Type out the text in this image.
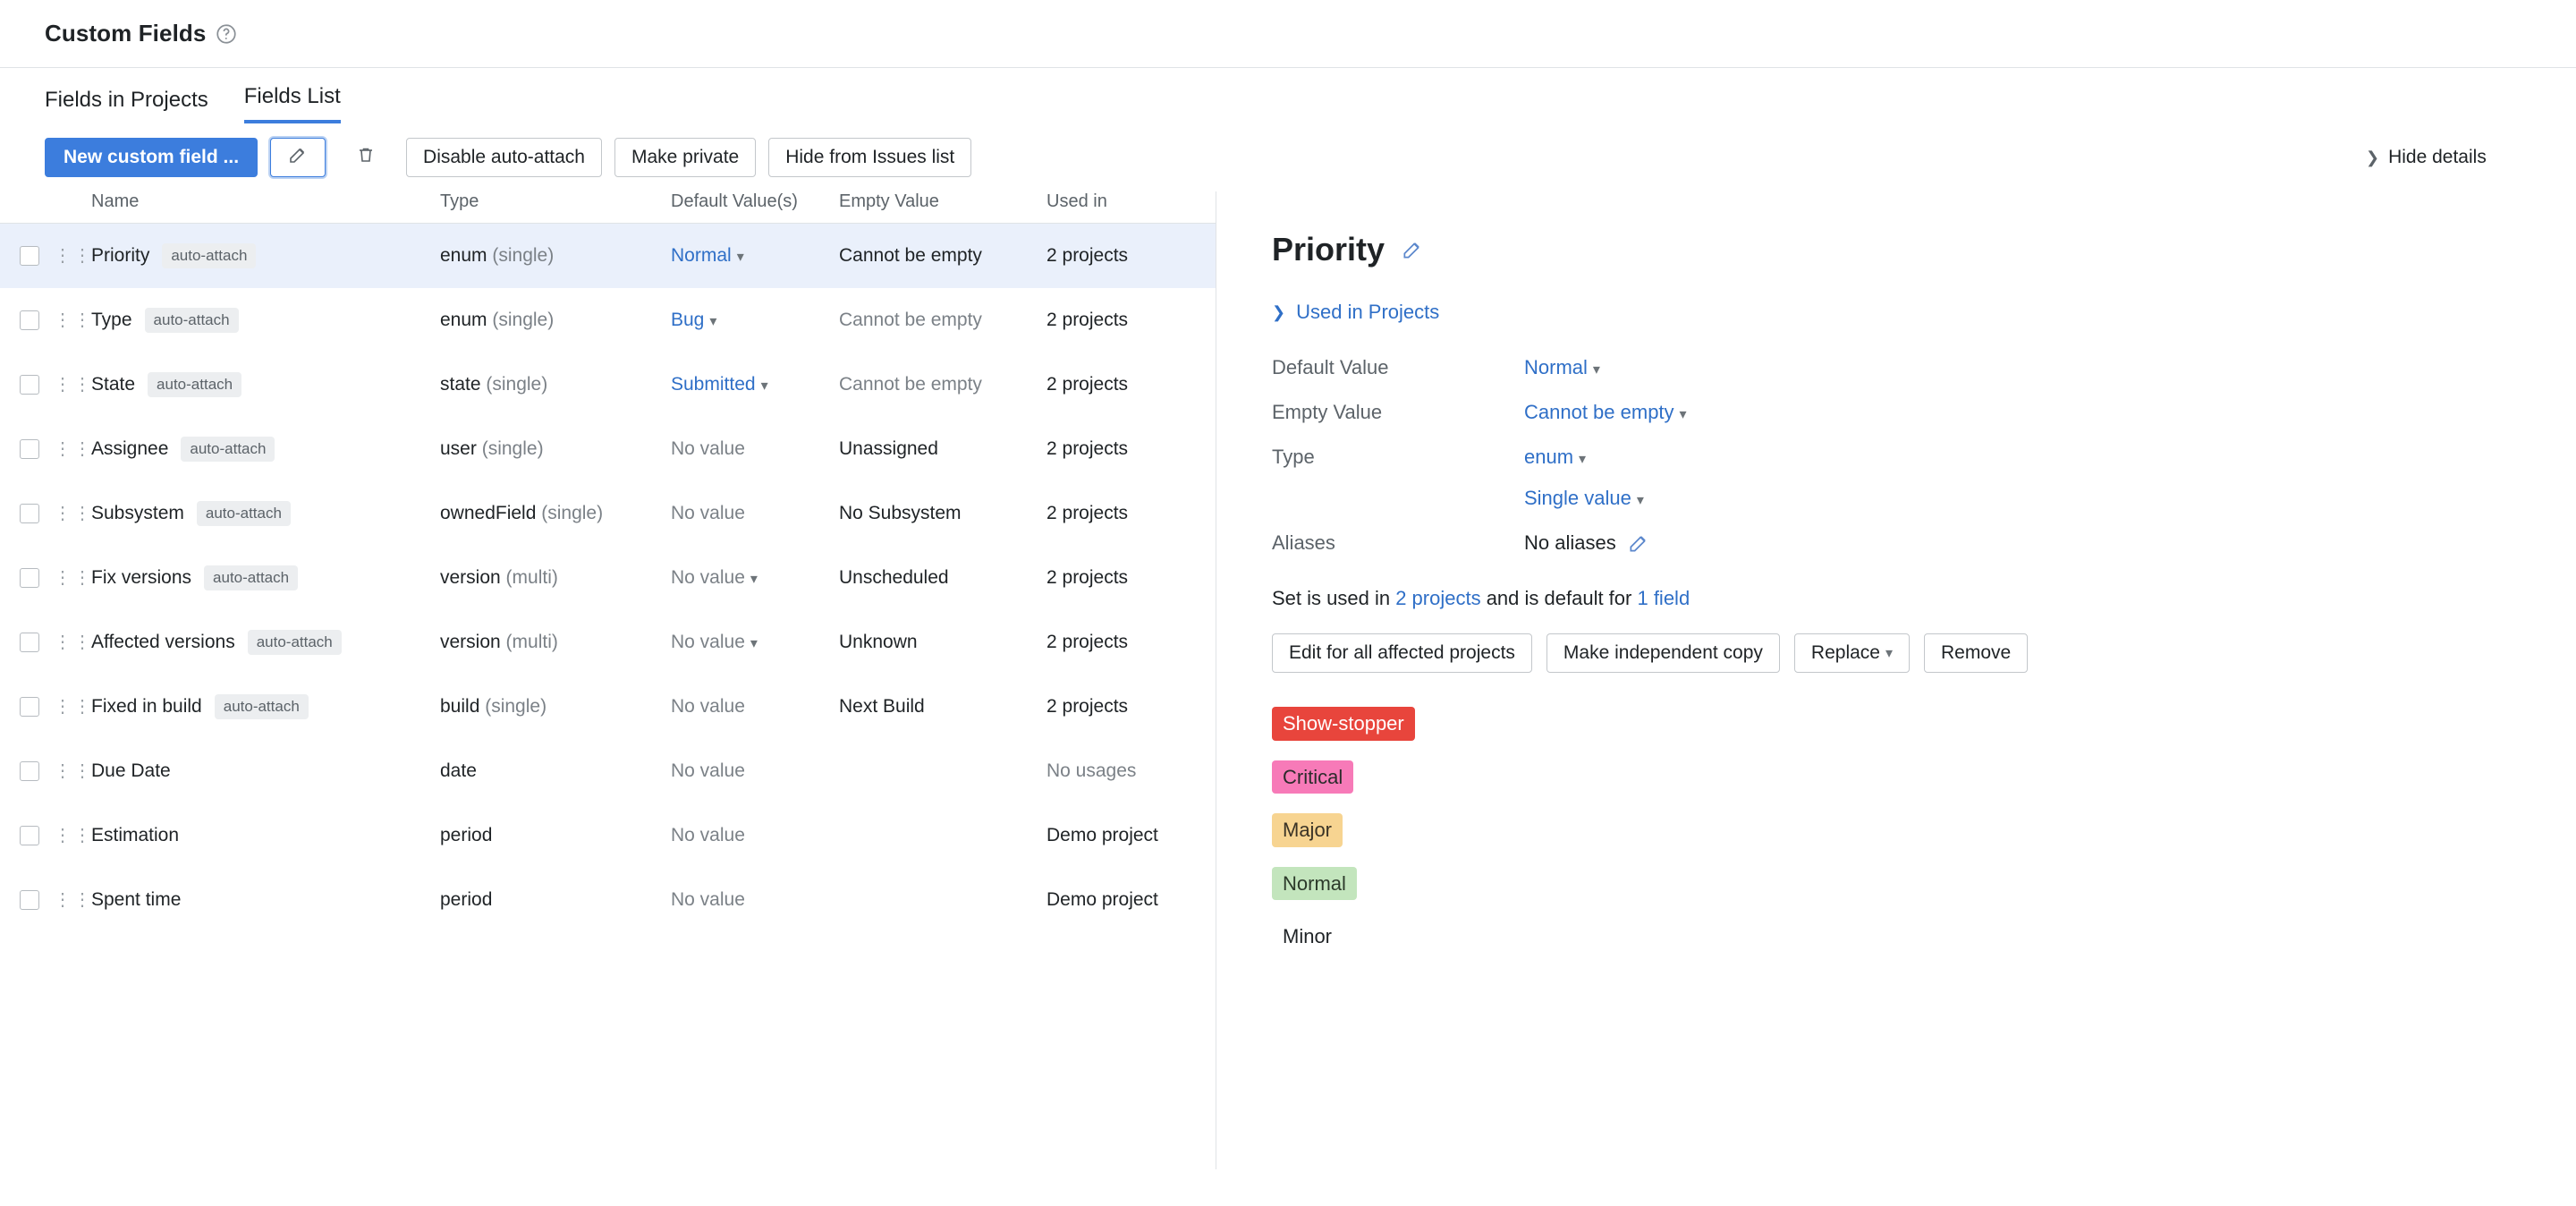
Custom Fields
Fields in Projects Fields List
New custom field ...	Disable auto-attach	Make private	Hide from Issues list	❯ Hide details
		Name	Type	Default Value(s)	Empty Value	Used in

	⋮⋮	Priority auto-attach	enum (single)	Normal ▾	Cannot be empty	2 projects

	⋮⋮	Type auto-attach	enum (single)	Bug ▾	Cannot be empty	2 projects

	⋮⋮	State auto-attach	state (single)	Submitted ▾	Cannot be empty	2 projects

	⋮⋮	Assignee auto-attach	user (single)	No value	Unassigned	2 projects

	⋮⋮	Subsystem auto-attach	ownedField (single)	No value	No Subsystem	2 projects

	⋮⋮	Fix versions auto-attach	version (multi)	No value ▾	Unscheduled	2 projects

	⋮⋮	Affected versions auto-attach	version (multi)	No value ▾	Unknown	2 projects

	⋮⋮	Fixed in build auto-attach	build (single)	No value	Next Build	2 projects

	⋮⋮	Due Date	date	No value		No usages

	⋮⋮	Estimation	period	No value		Demo project

	⋮⋮	Spent time	period	No value		Demo project
Priority
❯ Used in Projects
Default Value	Normal ▾
Empty Value	Cannot be empty ▾
Type	enum ▾
Single value ▾
Aliases	No aliases
Set is used in 2 projects and is default for 1 field
Edit for all affected projects	Make independent copy	Replace ▾	Remove
Show-stopper
Critical
Major
Normal
Minor
